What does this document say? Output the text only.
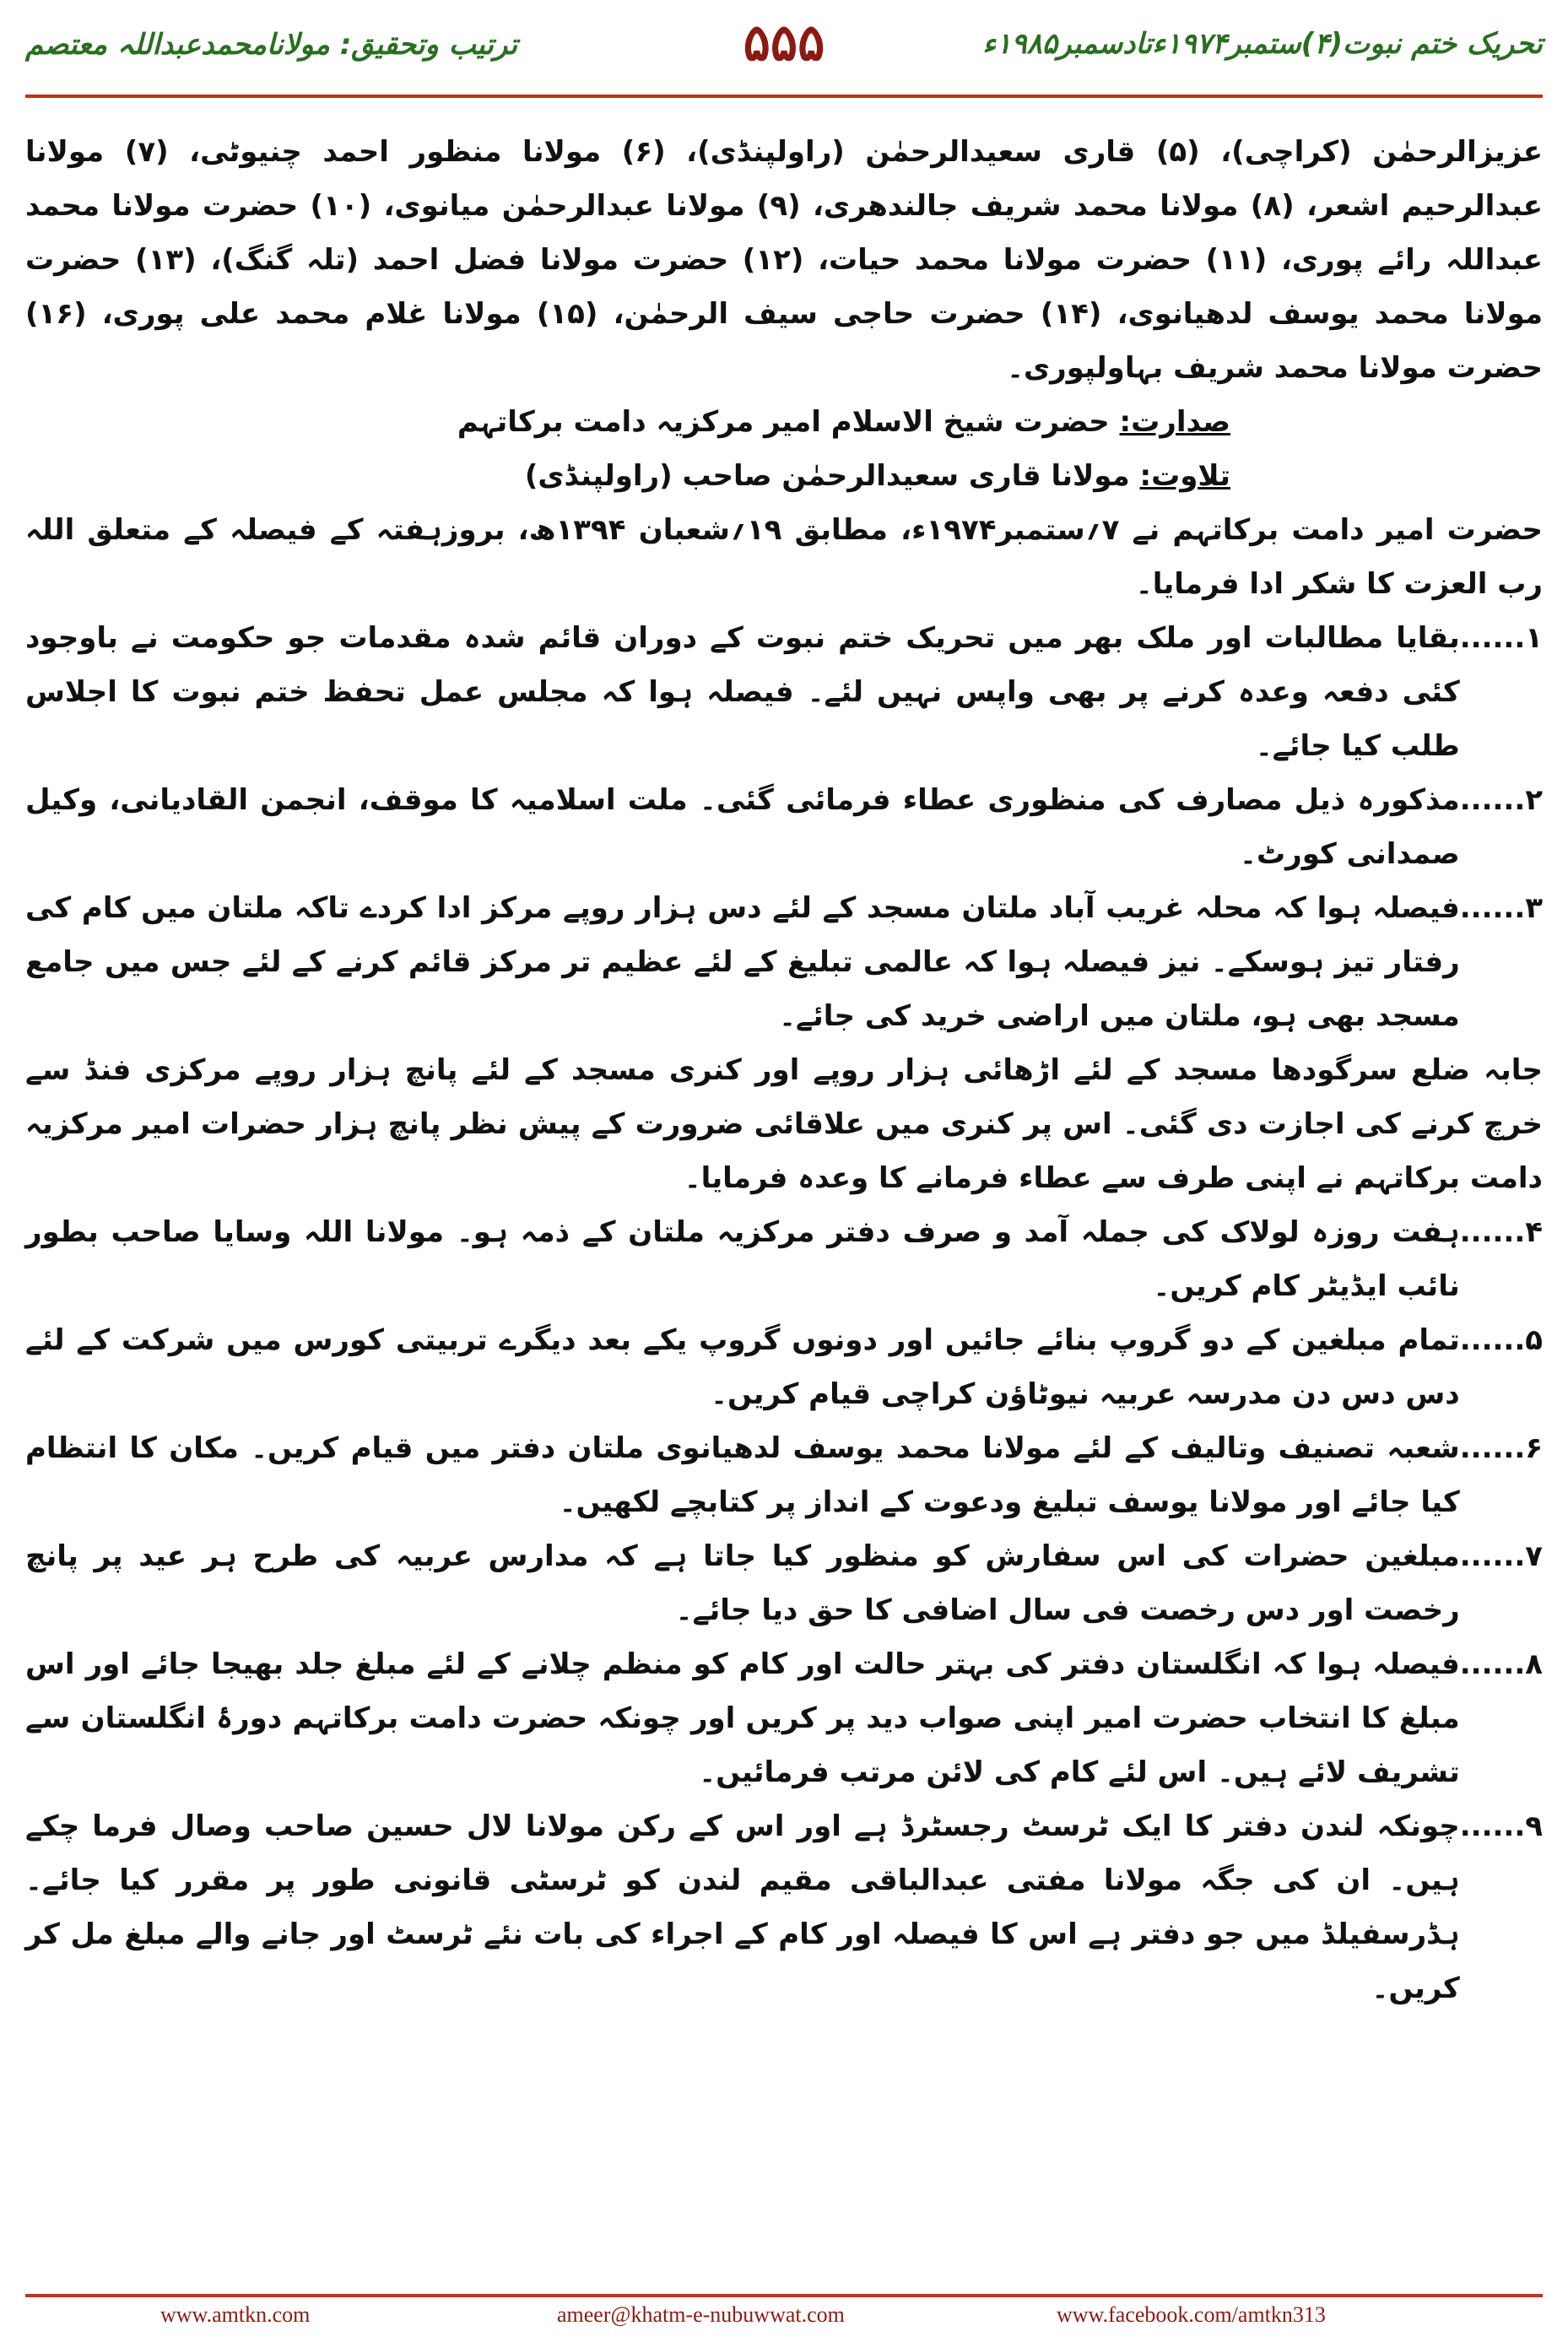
تحریک ختم نبوت(۴)ستمبر۱۹۷۴ءتادسمبر۱۹۸۵ء
۵۵۵
ترتیب وتحقیق: مولانامحمدعبداللہ معتصم

عزیزالرحمٰن (کراچی)، (۵) قاری سعیدالرحمٰن (راولپنڈی)، (۶) مولانا منظور احمد چنیوٹی، (۷) مولانا عبدالرحیم اشعر، (۸) مولانا محمد شریف جالندھری، (۹) مولانا عبدالرحمٰن میانوی، (۱۰) حضرت مولانا محمد عبداللہ رائے پوری، (۱۱) حضرت مولانا محمد حیات، (۱۲) حضرت مولانا فضل احمد (تلہ گنگ)، (۱۳) حضرت مولانا محمد یوسف لدھیانوی، (۱۴) حضرت حاجی سیف الرحمٰن، (۱۵) مولانا غلام محمد علی پوری، (۱۶) حضرت مولانا محمد شریف بہاولپوری۔

صدارت: حضرت شیخ الاسلام امیر مرکزیہ دامت برکاتہم

تلاوت: مولانا قاری سعیدالرحمٰن صاحب (راولپنڈی)

حضرت امیر دامت برکاتہم نے ۷؍ستمبر۱۹۷۴ء، مطابق ۱۹؍شعبان ۱۳۹۴ھ، بروزہفتہ کے فیصلہ کے متعلق اللہ رب العزت کا شکر ادا فرمایا۔

۱......
بقایا مطالبات اور ملک بھر میں تحریک ختم نبوت کے دوران قائم شدہ مقدمات جو حکومت نے باوجود کئی دفعہ وعدہ کرنے پر بھی واپس نہیں لئے۔ فیصلہ ہوا کہ مجلس عمل تحفظ ختم نبوت کا اجلاس طلب کیا جائے۔
۲......
مذکورہ ذیل مصارف کی منظوری عطاء فرمائی گئی۔ ملت اسلامیہ کا موقف، انجمن القادیانی، وکیل صمدانی کورٹ۔
۳......
فیصلہ ہوا کہ محلہ غریب آباد ملتان مسجد کے لئے دس ہزار روپے مرکز ادا کردے تاکہ ملتان میں کام کی رفتار تیز ہوسکے۔ نیز فیصلہ ہوا کہ عالمی تبلیغ کے لئے عظیم تر مرکز قائم کرنے کے لئے جس میں جامع مسجد بھی ہو، ملتان میں اراضی خرید کی جائے۔
جابہ ضلع سرگودھا مسجد کے لئے اڑھائی ہزار روپے اور کنری مسجد کے لئے پانچ ہزار روپے مرکزی فنڈ سے خرچ کرنے کی اجازت دی گئی۔ اس پر کنری میں علاقائی ضرورت کے پیش نظر پانچ ہزار حضرات امیر مرکزیہ دامت برکاتہم نے اپنی طرف سے عطاء فرمانے کا وعدہ فرمایا۔
۴......
ہفت روزہ لولاک کی جملہ آمد و صرف دفتر مرکزیہ ملتان کے ذمہ ہو۔ مولانا اللہ وسایا صاحب بطور نائب ایڈیٹر کام کریں۔
۵......
تمام مبلغین کے دو گروپ بنائے جائیں اور دونوں گروپ یکے بعد دیگرے تربیتی کورس میں شرکت کے لئے دس دس دن مدرسہ عربیہ نیوٹاؤن کراچی قیام کریں۔
۶......
شعبہ تصنیف وتالیف کے لئے مولانا محمد یوسف لدھیانوی ملتان دفتر میں قیام کریں۔ مکان کا انتظام کیا جائے اور مولانا یوسف تبلیغ ودعوت کے انداز پر کتابچے لکھیں۔
۷......
مبلغین حضرات کی اس سفارش کو منظور کیا جاتا ہے کہ مدارس عربیہ کی طرح ہر عید پر پانچ رخصت اور دس رخصت فی سال اضافی کا حق دیا جائے۔
۸......
فیصلہ ہوا کہ انگلستان دفتر کی بہتر حالت اور کام کو منظم چلانے کے لئے مبلغ جلد بھیجا جائے اور اس مبلغ کا انتخاب حضرت امیر اپنی صواب دید پر کریں اور چونکہ حضرت دامت برکاتہم دورۂ انگلستان سے تشریف لائے ہیں۔ اس لئے کام کی لائن مرتب فرمائیں۔
۹......
چونکہ لندن دفتر کا ایک ٹرسٹ رجسٹرڈ ہے اور اس کے رکن مولانا لال حسین صاحب وصال فرما چکے ہیں۔ ان کی جگہ مولانا مفتی عبدالباقی مقیم لندن کو ٹرسٹی قانونی طور پر مقرر کیا جائے۔ ہڈرسفیلڈ میں جو دفتر ہے اس کا فیصلہ اور کام کے اجراء کی بات نئے ٹرسٹ اور جانے والے مبلغ مل کر کریں۔
www.amtkn.com	ameer@khatm-e-nubuwwat.com	www.facebook.com/amtkn313
